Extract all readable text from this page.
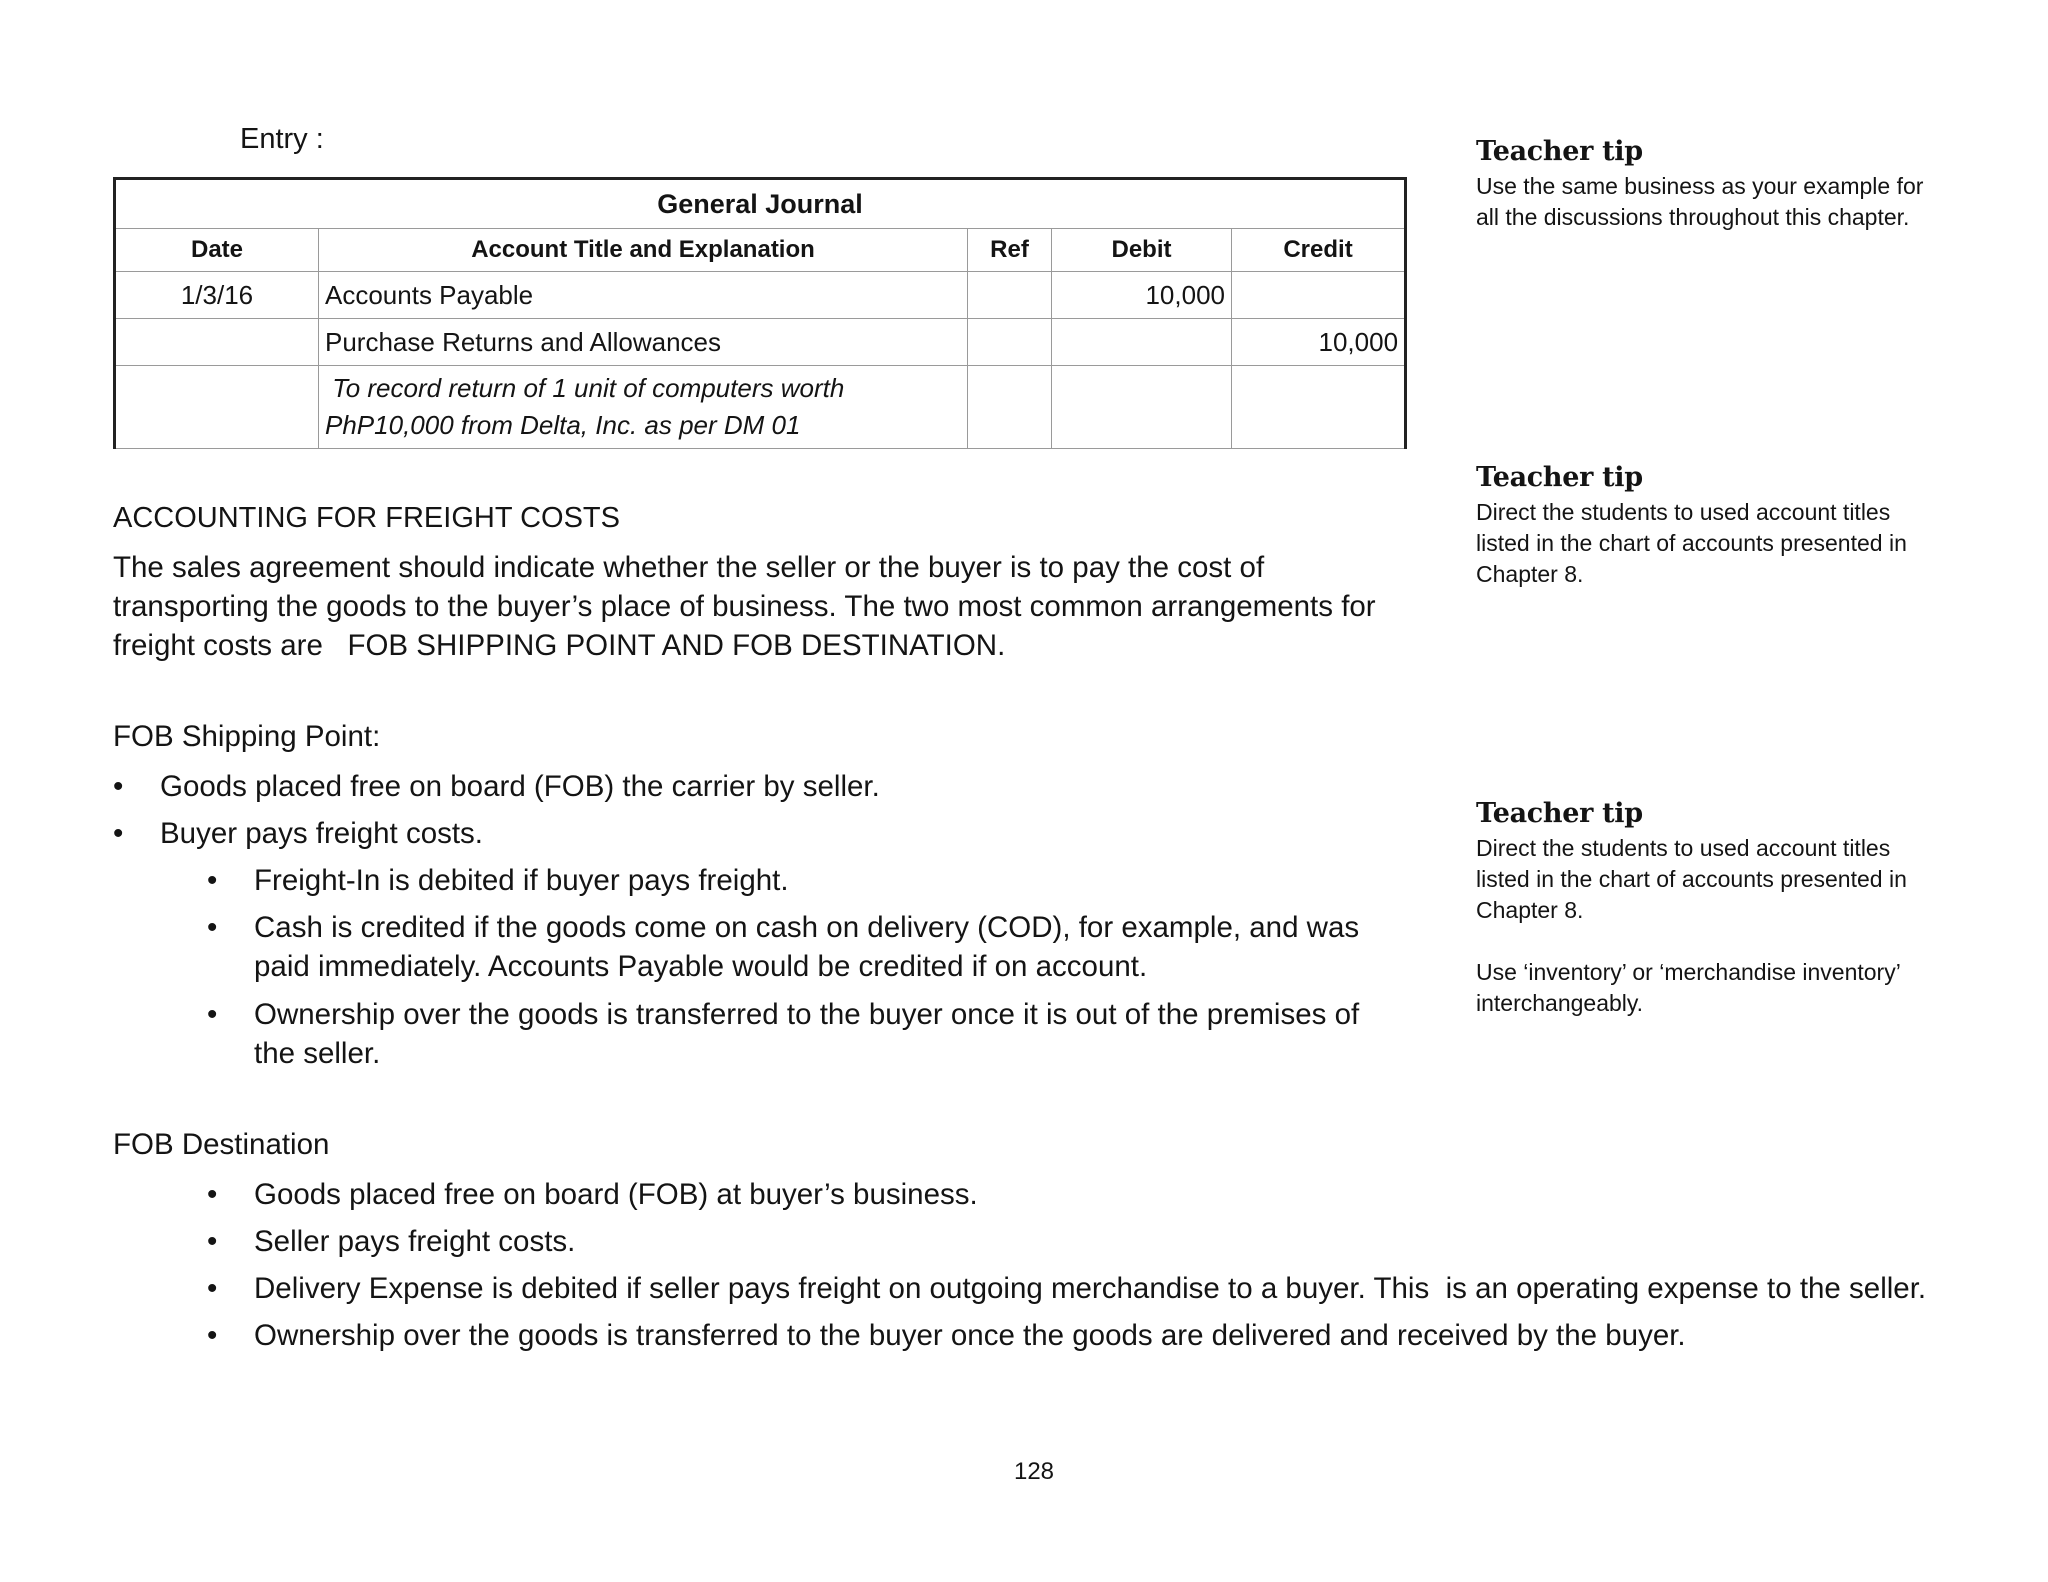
Entry :
General Journal				
Date	Account Title and Explanation	Ref	Debit	Credit
1/3/16	Accounts Payable		10,000	
	Purchase Returns and Allowances			10,000
	To record return of 1 unit of computers worth
PhP10,000 from Delta, Inc. as per DM 01			
ACCOUNTING FOR FREIGHT COSTS
The sales agreement should indicate whether the seller or the buyer is to pay the cost of
transporting the goods to the buyer’s place of business. The two most common arrangements for
freight costs are   FOB SHIPPING POINT AND FOB DESTINATION.
FOB Shipping Point:
• Goods placed free on board (FOB) the carrier by seller.
• Buyer pays freight costs.
• Freight-In is debited if buyer pays freight.
• Cash is credited if the goods come on cash on delivery (COD), for example, and was paid immediately. Accounts Payable would be credited if on account.
• Ownership over the goods is transferred to the buyer once it is out of the premises of the seller.
FOB Destination
• Goods placed free on board (FOB) at buyer’s business.
• Seller pays freight costs.
• Delivery Expense is debited if seller pays freight on outgoing merchandise to a buyer. This  is an operating expense to the seller.
• Ownership over the goods is transferred to the buyer once the goods are delivered and received by the buyer.
Teacher tip

Use the same business as your example for all the discussions throughout this chapter.

Teacher tip

Direct the students to used account titles listed in the chart of accounts presented in Chapter 8.

Teacher tip

Direct the students to used account titles listed in the chart of accounts presented in Chapter 8.

Use ‘inventory’ or ‘merchandise inventory’ interchangeably.

128
